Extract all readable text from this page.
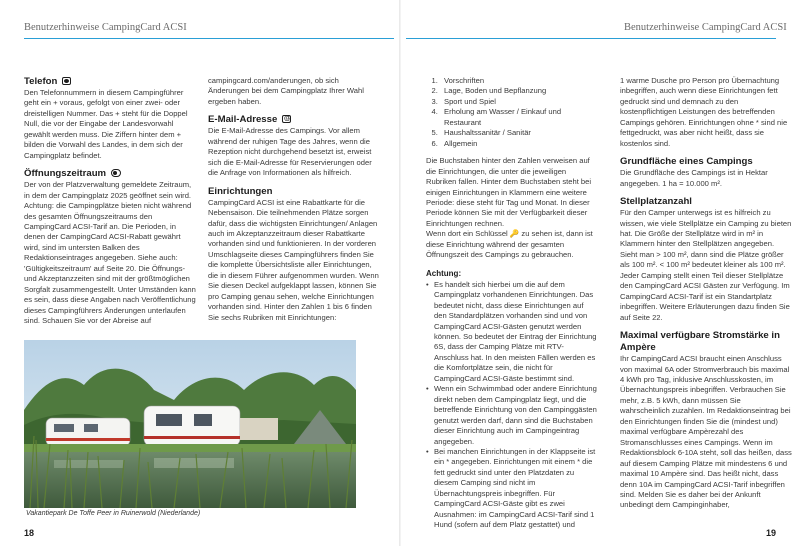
Benutzerhinweise CampingCard ACSI
Telefon

Den Telefonnummern in diesem Campingführer geht ein + voraus, gefolgt von einer zwei- oder dreistelligen Nummer. Das + steht für die Doppel Null, die vor der Eingabe der Landesvorwahl gewählt werden muss. Die Ziffern hinter dem + bilden die Vorwahl des Landes, in dem sich der Campingplatz befindet.

Öffnungszeitraum

Der von der Platzverwaltung gemeldete Zeitraum, in dem der Campingplatz 2025 geöffnet sein wird. Achtung: die Campingplätze bieten nicht während des gesamten Öffnungszeitraums den CampingCard ACSI-Tarif an. Die Perioden, in denen der CampingCard ACSI-Rabatt gewährt wird, sind im untersten Balken des Redaktionseintrages angegeben. Siehe auch: 'Gültigkeitszeitraum' auf Seite 20. Die Öffnungs- und Akzeptanzzeiten sind mit der größtmöglichen Sorgfalt zusammengestellt. Unter Umständen kann es sein, dass diese Angaben nach Veröffentlichung dieses Campingführers Änderungen unterlaufen sind. Schauen Sie vor der Abreise auf

campingcard.com/anderungen, ob sich Änderungen bei dem Campingplatz Ihrer Wahl ergeben haben.

E-Mail-Adresse @

Die E-Mail-Adresse des Campings. Vor allem während der ruhigen Tage des Jahres, wenn die Rezeption nicht durchgehend besetzt ist, erweist sich die E-Mail-Adresse für Reservierungen oder die Anfrage von Informationen als hilfreich.

Einrichtungen

CampingCard ACSI ist eine Rabattkarte für die Nebensaison. Die teilnehmenden Plätze sorgen dafür, dass die wichtigsten Einrichtungen/ Anlagen auch im Akzeptanzzeitraum dieser Rabattkarte vorhanden sind und funktionieren. In der vorderen Umschlagseite dieses Campingführers finden Sie die komplette Übersichtsliste aller Einrichtungen, die in diesem Führer aufgenommen wurden. Wenn Sie diesen Deckel aufgeklappt lassen, können Sie pro Camping genau sehen, welche Einrichtungen vorhanden sind. Hinter den Zahlen 1 bis 6 finden Sie sechs Rubriken mit Einrichtungen:

Vakantiepark De Toffe Peer in Ruinerwold (Niederlande)
18
Benutzerhinweise CampingCard ACSI
1. Vorschriften
2. Lage, Boden und Bepflanzung
3. Sport und Spiel
4. Erholung am Wasser / Einkauf und Restaurant
5. Haushaltssanitär / Sanitär
6. Allgemein

Die Buchstaben hinter den Zahlen verweisen auf die Einrichtungen, die unter die jeweiligen Rubriken fallen. Hinter dem Buchstaben steht bei einigen Einrichtungen in Klammern eine weitere Periode: diese steht für Tag und Monat. In dieser Periode können Sie mit der Verfügbarkeit dieser Einrichtungen rechnen.

Wenn dort ein Schlüssel 🔑 zu sehen ist, dann ist diese Einrichtung während der gesamten Öffnungszeit des Campings zu gebrauchen.

Achtung:
• Es handelt sich hierbei um die auf dem Campingplatz vorhandenen Einrichtungen. Das bedeutet nicht, dass diese Einrichtungen auf den Standardplätzen vorhanden sind und von CampingCard ACSI-Gästen genutzt werden können. So bedeutet der Eintrag der Einrichtung 6S, dass der Camping Plätze mit RTV-Anschluss hat. In den meisten Fällen werden es die Komfortplätze sein, die nicht für CampingCard ACSI-Gäste bestimmt sind.
• Wenn ein Schwimmbad oder andere Einrichtung direkt neben dem Campingplatz liegt, und die betreffende Einrichtung von den Campinggästen genutzt werden darf, dann sind die Buchstaben dieser Einrichtung auch im Campingeintrag angegeben.
• Bei manchen Einrichtungen in der Klappseite ist ein * angegeben. Einrichtungen mit einem * die fett gedruckt sind unter den Platzdaten zu diesem Camping sind nicht im Übernachtungspreis inbegriffen. Für CampingCard ACSI-Gäste gibt es zwei Ausnahmen: im CampingCard ACSI-Tarif sind 1 Hund (sofern auf dem Platz gestattet) und

1 warme Dusche pro Person pro Übernachtung inbegriffen, auch wenn diese Einrichtungen fett gedruckt sind und demnach zu den kostenpflichtigen Leistungen des betreffenden Campings gehören. Einrichtungen ohne * sind nie fettgedruckt, was aber nicht heißt, dass sie kostenlos sind.

Grundfläche eines Campings

Die Grundfläche des Campings ist in Hektar angegeben. 1 ha = 10.000 m².

Stellplatzanzahl

Für den Camper unterwegs ist es hilfreich zu wissen, wie viele Stellplätze ein Camping zu bieten hat. Die Größe der Stellplätze wird in m² in Klammern hinter den Stellplätzen angegeben. Sieht man > 100 m², dann sind die Plätze größer als 100 m². < 100 m² bedeutet kleiner als 100 m². Jeder Camping stellt einen Teil dieser Stellplätze den CampingCard ACSI Gästen zur Verfügung. Im CampingCard ACSI-Tarif ist ein Standartplatz inbegriffen. Weitere Erläuterungen dazu finden Sie auf Seite 22.

Maximal verfügbare Stromstärke in Ampère

Ihr CampingCard ACSI braucht einen Anschluss von maximal 6A oder Stromverbrauch bis maximal 4 kWh pro Tag, inklusive Anschlusskosten, im Übernachtungspreis inbegriffen. Verbrauchen Sie mehr, z.B. 5 kWh, dann müssen Sie wahrscheinlich zuzahlen. Im Redaktionseintrag bei den Einrichtungen finden Sie die (mindest und) maximal verfügbare Ampèrezahl des Stromanschlusses eines Campings. Wenn im Redaktionsblock 6-10A steht, soll das heißen, dass auf diesem Camping Plätze mit mindestens 6 und maximal 10 Ampère sind. Das heißt nicht, dass denn 10A im CampingCard ACSI-Tarif inbegriffen sind. Melden Sie es daher bei der Ankunft unbedingt dem Campinginhaber,

19
